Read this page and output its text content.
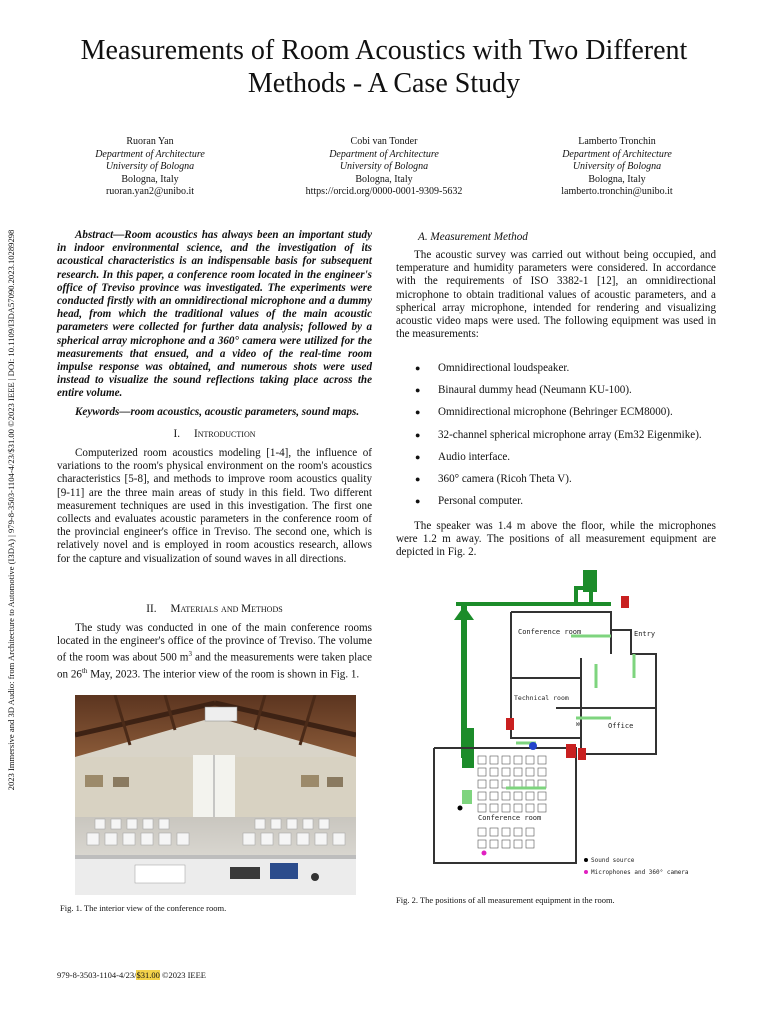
Measurements of Room Acoustics with Two Different Methods - A Case Study
Ruoran Yan
Department of Architecture
University of Bologna
Bologna, Italy
ruoran.yan2@unibo.it
Cobi van Tonder
Department of Architecture
University of Bologna
Bologna, Italy
https://orcid.org/0000-0001-9309-5632
Lamberto Tronchin
Department of Architecture
University of Bologna
Bologna, Italy
lamberto.tronchin@unibo.it
2023 Immersive and 3D Audio: from Architecture to Automotive (I3DA) | 979-8-3503-1104-4/23/$31.00 ©2023 IEEE | DOI: 10.1109/I3DA57090.2023.10289298	Abstract—Room acoustics has always been an important study in indoor environmental science, and the investigation of its acoustical characteristics is an indispensable basis for subsequent research. In this paper, a conference room located in the engineer's office of Treviso province was investigated. The experiments were conducted firstly with an omnidirectional microphone and a dummy head, from which the traditional values of the main acoustic parameters were collected for further data analysis; followed by a spherical array microphone and a 360° camera were utilized for the measurements that ensued, and a video of the real-time room impulse response was obtained, and numerous shots were used instead to visualize the sound reflections taking place across the entire volume.
Keywords—room acoustics, acoustic parameters, sound maps.
I. Introduction
Computerized room acoustics modeling [1-4], the influence of variations to the room's physical environment on the room's acoustics characteristics [5-8], and methods to improve room acoustics quality [9-11] are the three main areas of study in this field. Two different measurement techniques are used in this investigation. The first one collects and evaluates acoustic parameters in the conference room of the provincial engineer's office in Treviso. The second one, which is relatively novel and is employed in room acoustics research, allows for the capture and visualization of sound waves in all directions.
II. Materials and Methods
The study was conducted in one of the main conference rooms located in the engineer's office of the province of Treviso. The volume of the room was about 500 $m^3$ and the measurements were taken place on 26th May, 2023. The interior view of the room is shown in Fig. 1.
Fig. 1. The interior view of the conference room.
A. Measurement Method
The acoustic survey was carried out without being occupied, and temperature and humidity parameters were considered. In accordance with the requirements of ISO 3382-1 [12], an omnidirectional microphone to obtain traditional values of acoustic parameters, and a spherical array microphone, intended for rendering and visualizing acoustic video maps were used. The following equipment was used in the measurements:
● Omnidirectional loudspeaker.
● Binaural dummy head (Neumann KU-100).
● Omnidirectional microphone (Behringer ECM8000).
● 32-channel spherical microphone array (Em32 Eigenmike).
● Audio interface.
● 360° camera (Ricoh Theta V).
● Personal computer.
The speaker was 1.4 m above the floor, while the microphones were 1.2 m away. The positions of all measurement equipment are depicted in Fig. 2.
Conference room	Entry
Technical room
Office
Conference room
WC
Sound source
Microphones and 360° camera
Fig. 2. The positions of all measurement equipment in the room.
979-8-3503-1104-4/23/$31.00 ©2023 IEEE
